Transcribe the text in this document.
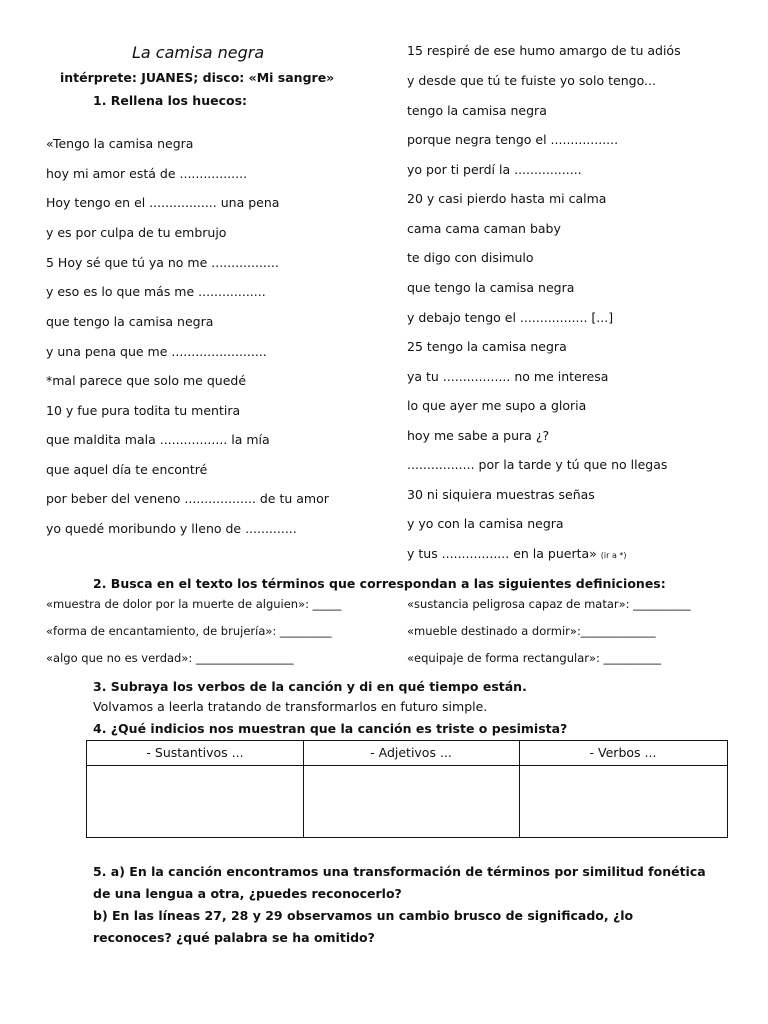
La camisa negra
intérprete: JUANES; disco: «Mi sangre»
1. Rellena los huecos:
«Tengo la camisa negra
hoy mi amor está de .................
Hoy tengo en el ................. una pena
y es por culpa de tu embrujo
5 Hoy sé que tú ya no me .................
y eso es lo que más me .................
que tengo la camisa negra
y una pena que me ........................
*mal parece que solo me quedé
10 y fue pura todita tu mentira
que maldita mala ................. la mía
que aquel día te encontré
por beber del veneno .................. de tu amor
yo quedé moribundo y lleno de .............
15 respiré de ese humo amargo de tu adiós
y desde que tú te fuiste yo solo tengo...
tengo la camisa negra
porque negra tengo el .................
yo por ti perdí la .................
20 y casi pierdo hasta mi calma
cama cama caman baby
te digo con disimulo
que tengo la camisa negra
y debajo tengo el ................. [...]
25 tengo la camisa negra
ya tu ................. no me interesa
lo que ayer me supo a gloria
hoy me sabe a pura ¿?
................. por la tarde y tú que no llegas
30 ni siquiera muestras señas
y yo con la camisa negra
y tus ................. en la puerta» (ir a *)
2. Busca en el texto los términos que correspondan a las siguientes definiciones:
«muestra de dolor por la muerte de alguien»: _____
«forma de encantamiento, de brujería»: _________
«algo que no es verdad»: _________________
«sustancia peligrosa capaz de matar»: __________
«mueble destinado a dormir»:_____________
«equipaje de forma rectangular»: __________
3. Subraya los verbos de la canción y di en qué tiempo están.
Volvamos a leerla tratando de transformarlos en futuro simple.
4. ¿Qué indicios nos muestran que la canción es triste o pesimista?
- Sustantivos ...	- Adjetivos ...	- Verbos ...
5. a) En la canción encontramos una transformación de términos por similitud fonética
de una lengua a otra, ¿puedes reconocerlo?
b) En las líneas 27, 28 y 29 observamos un cambio brusco de significado, ¿lo
reconoces? ¿qué palabra se ha omitido?
